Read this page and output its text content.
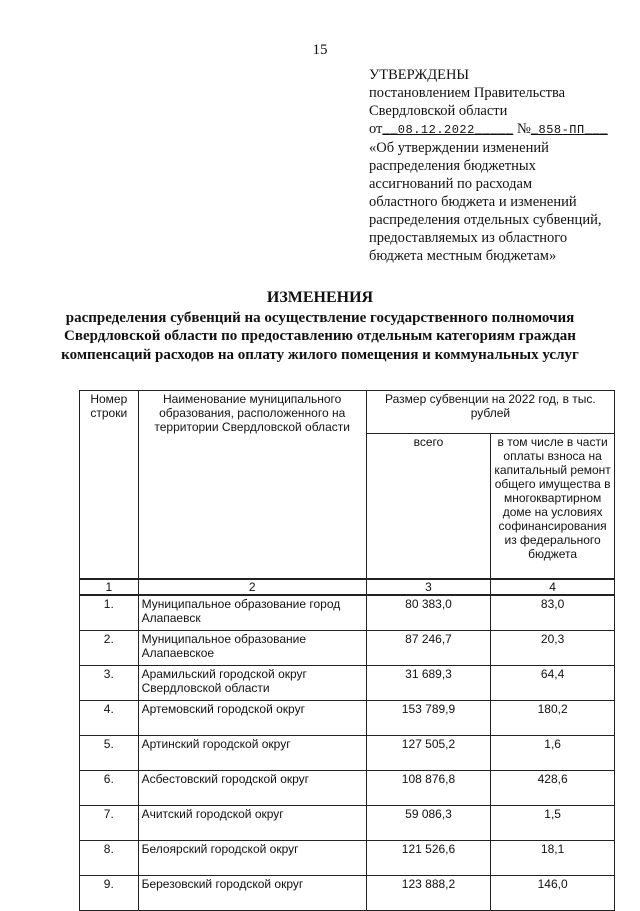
15
УТВЕРЖДЕНЫ
постановлением Правительства
Свердловской области
от__08.12.2022_____ №_858-ПП___
«Об утверждении изменений
распределения бюджетных
ассигнований по расходам
областного бюджета и изменений
распределения отдельных субвенций,
предоставляемых из областного
бюджета местным бюджетам»
ИЗМЕНЕНИЯ
распределения субвенций на осуществление государственного полномочия
Свердловской области по предоставлению отдельным категориям граждан
компенсаций расходов на оплату жилого помещения и коммунальных услуг
Номер строки	Наименование муниципального образования, расположенного на территории Свердловской области	Размер субвенции на 2022 год, в тыс. рублей	
		всего	в том числе в части оплаты взноса на капитальный ремонт общего имущества в многоквартирном доме на условиях софинансирования из федерального бюджета
1	2	3	4
1.	Муниципальное образование город Алапаевск	80 383,0	83,0
2.	Муниципальное образование Алапаевское	87 246,7	20,3
3.	Арамильский городской округ Свердловской области	31 689,3	64,4
4.	Артемовский городской округ	153 789,9	180,2
5.	Артинский городской округ	127 505,2	1,6
6.	Асбестовский городской округ	108 876,8	428,6
7.	Ачитский городской округ	59 086,3	1,5
8.	Белоярский городской округ	121 526,6	18,1
9.	Березовский городской округ	123 888,2	146,0
